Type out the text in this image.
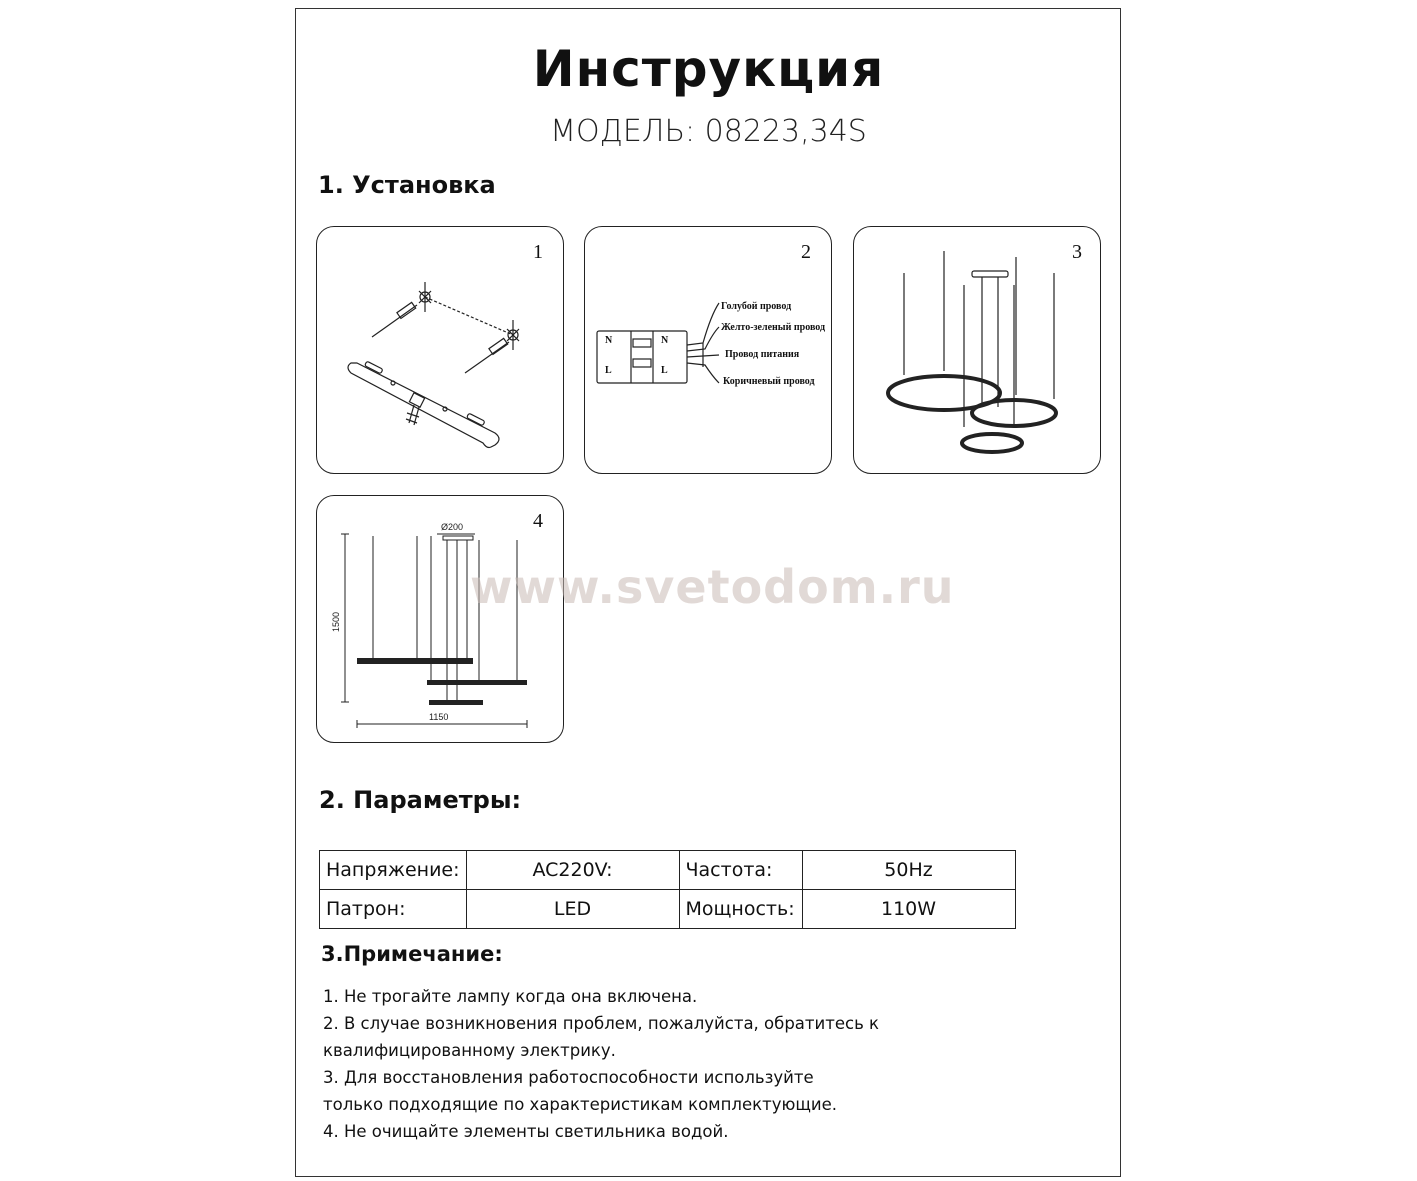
Инструкция
МОДЕЛЬ: 08223,34S
1. Установка
1	2
N
L
N
L
Голубой провод
Желто-зеленый провод
Провод питания
Коричневый провод
3
4
Ø200
1150
1500
www.svetodom.ru
2. Параметры:
Напряжение:	AC220V:	Частота:	50Hz
Патрон:	LED	Мощность:	110W
3.Примечание:
1. Не трогайте лампу когда она включена.
2. В случае возникновения проблем, пожалуйста, обратитесь к
квалифицированному электрику.
3. Для восстановления работоспособности используйте
только подходящие по характеристикам комплектующие.
4. Не очищайте элементы светильника водой.
